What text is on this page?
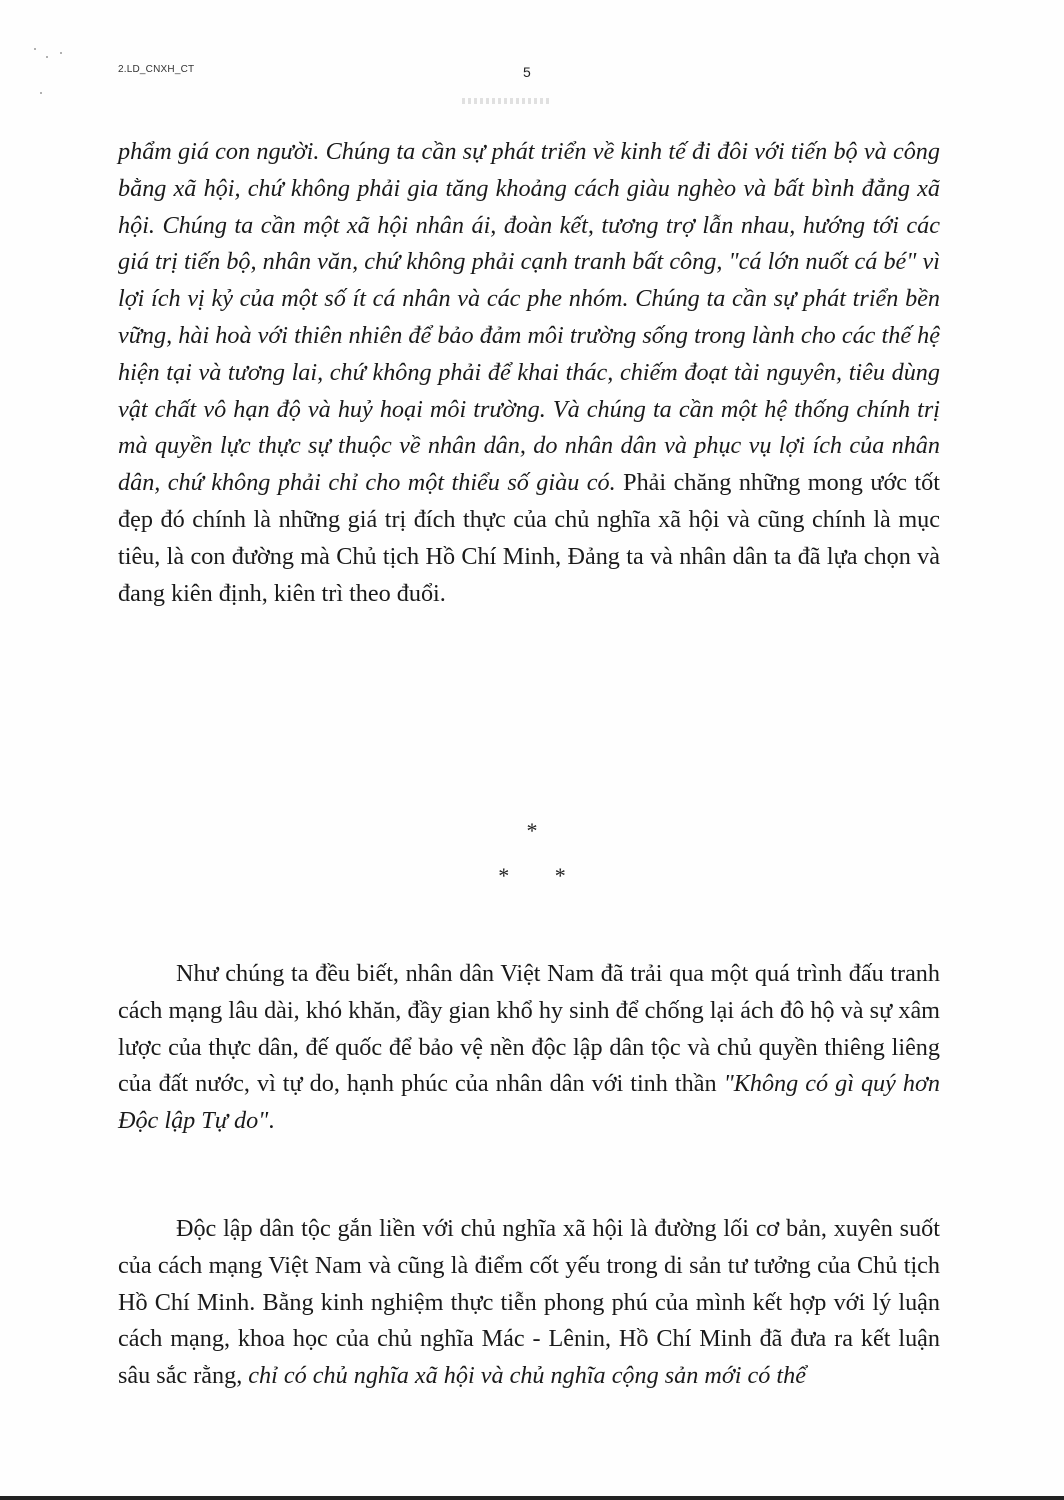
2.LD_CNXH_CT	5

phẩm giá con người. Chúng ta cần sự phát triển về kinh tế đi đôi với tiến bộ và công bằng xã hội, chứ không phải gia tăng khoảng cách giàu nghèo và bất bình đẳng xã hội. Chúng ta cần một xã hội nhân ái, đoàn kết, tương trợ lẫn nhau, hướng tới các giá trị tiến bộ, nhân văn, chứ không phải cạnh tranh bất công, "cá lớn nuốt cá bé" vì lợi ích vị kỷ của một số ít cá nhân và các phe nhóm. Chúng ta cần sự phát triển bền vững, hài hoà với thiên nhiên để bảo đảm môi trường sống trong lành cho các thế hệ hiện tại và tương lai, chứ không phải để khai thác, chiếm đoạt tài nguyên, tiêu dùng vật chất vô hạn độ và huỷ hoại môi trường. Và chúng ta cần một hệ thống chính trị mà quyền lực thực sự thuộc về nhân dân, do nhân dân và phục vụ lợi ích của nhân dân, chứ không phải chỉ cho một thiểu số giàu có. Phải chăng những mong ước tốt đẹp đó chính là những giá trị đích thực của chủ nghĩa xã hội và cũng chính là mục tiêu, là con đường mà Chủ tịch Hồ Chí Minh, Đảng ta và nhân dân ta đã lựa chọn và đang kiên định, kiên trì theo đuổi.

*
* *

Như chúng ta đều biết, nhân dân Việt Nam đã trải qua một quá trình đấu tranh cách mạng lâu dài, khó khăn, đầy gian khổ hy sinh để chống lại ách đô hộ và sự xâm lược của thực dân, đế quốc để bảo vệ nền độc lập dân tộc và chủ quyền thiêng liêng của đất nước, vì tự do, hạnh phúc của nhân dân với tinh thần "Không có gì quý hơn Độc lập Tự do".

Độc lập dân tộc gắn liền với chủ nghĩa xã hội là đường lối cơ bản, xuyên suốt của cách mạng Việt Nam và cũng là điểm cốt yếu trong di sản tư tưởng của Chủ tịch Hồ Chí Minh. Bằng kinh nghiệm thực tiễn phong phú của mình kết hợp với lý luận cách mạng, khoa học của chủ nghĩa Mác - Lênin, Hồ Chí Minh đã đưa ra kết luận sâu sắc rằng, chỉ có chủ nghĩa xã hội và chủ nghĩa cộng sản mới có thể
